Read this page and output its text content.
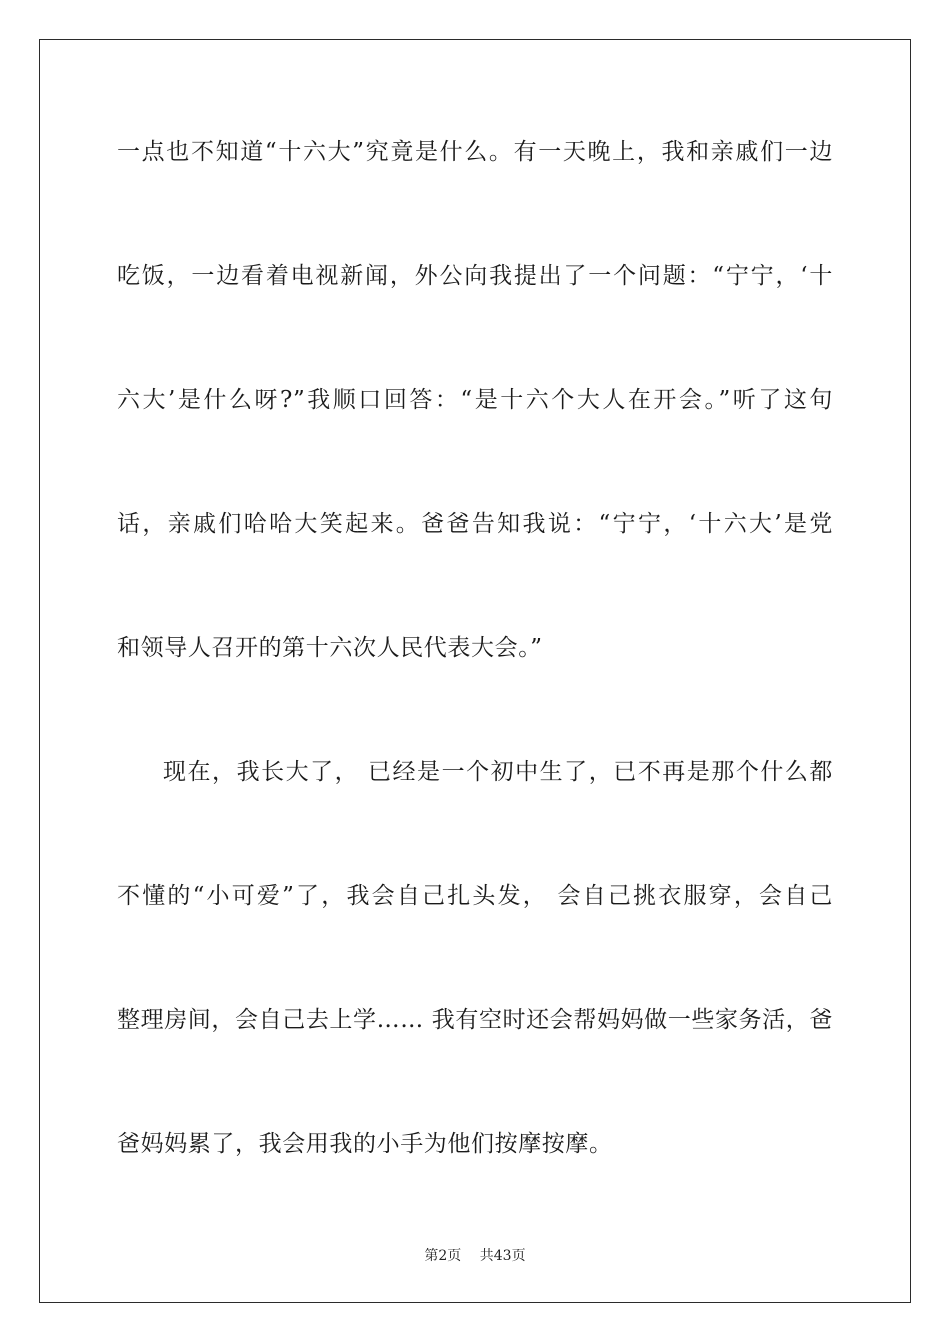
一点也不知道“十六大”究竟是什么。有一天晚上，我和亲戚们一边
吃饭，一边看着电视新闻，外公向我提出了一个问题：“宁宁，‘十
六大’是什么呀?”我顺口回答：“是十六个大人在开会。”听了这句
话，亲戚们哈哈大笑起来。爸爸告知我说：“宁宁，‘十六大’是党
和领导人召开的第十六次人民代表大会。”
现在，我长大了， 已经是一个初中生了，已不再是那个什么都
不懂的“小可爱”了，我会自己扎头发， 会自己挑衣服穿，会自己
整理房间，会自己去上学…… 我有空时还会帮妈妈做一些家务活，爸
爸妈妈累了，我会用我的小手为他们按摩按摩。
第2页 共43页
